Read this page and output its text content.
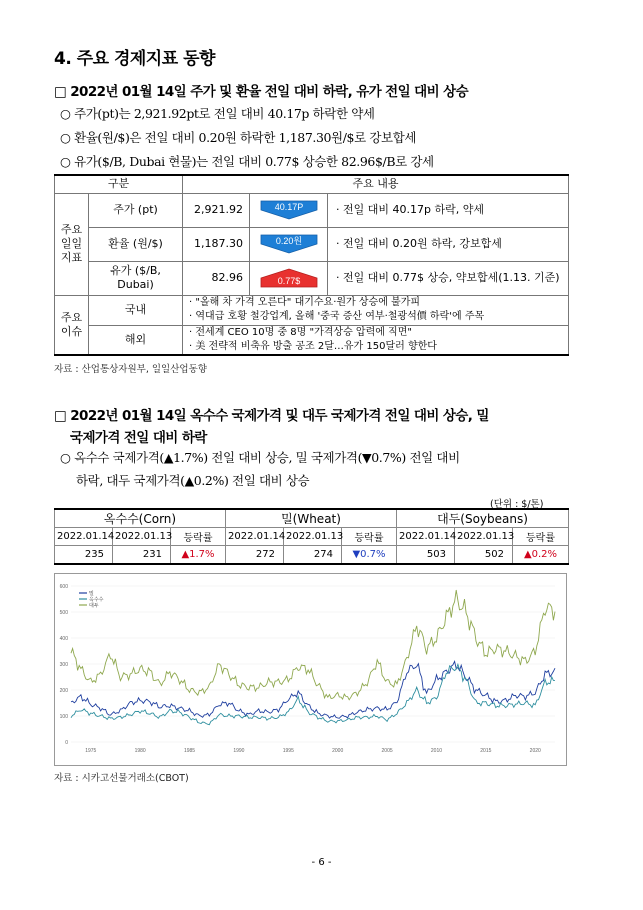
4. 주요 경제지표 동향
□ 2022년 01월 14일 주가 및 환율 전일 대비 하락, 유가 전일 대비 상승
○ 주가(pt)는 2,921.92pt로 전일 대비 40.17p 하락한 약세
○ 환율(원/$)은 전일 대비 0.20원 하락한 1,187.30원/$로 강보합세
○ 유가($/B, Dubai 현물)는 전일 대비 0.77$ 상승한 82.96$/B로 강세
구분		주요 내용		
주요 일일 지표	주가 (pt)	2,921.92	40.17P	· 전일 대비 40.17p 하락, 약세
	환율 (원/$)	1,187.30	0.20원	· 전일 대비 0.20원 하락, 강보합세
	유가 ($/B, Dubai)	82.96	0.77$	· 전일 대비 0.77$ 상승, 약보합세(1.13. 기준)
주요 이슈	국내	· "올해 차 가격 오른다" 대기수요·원가 상승에 불가피
· 역대급 호황 철강업계, 올해 '중국 증산 여부·철광석價 하락'에 주목		

	해외	· 전세계 CEO 10명 중 8명 "가격상승 압력에 직면"
· 美 전략적 비축유 방출 공조 2달…유가 150달러 향한다		
자료 : 산업통상자원부, 일일산업동향
□ 2022년 01월 14일 옥수수 국제가격 및 대두 국제가격 전일 대비 상승, 밀
국제가격 전일 대비 하락
○ 옥수수 국제가격(▲1.7%) 전일 대비 상승, 밀 국제가격(▼0.7%) 전일 대비
하락, 대두 국제가격(▲0.2%) 전일 대비 상승
(단위 : $/톤)
옥수수(Corn)			밀(Wheat)			대두(Soybeans)		
2022.01.14	2022.01.13	등락률	2022.01.14	2022.01.13	등락률	2022.01.14	2022.01.13	등락률
235	231	▲1.7%	272	274	▼0.7%	503	502	▲0.2%
0
100
200
300
400
500
600
1975	1980	1985	1990	1995	2000	2005	2010	2015	2020
밀
옥수수
대두
자료 : 시카고선물거래소(CBOT)
- 6 -
